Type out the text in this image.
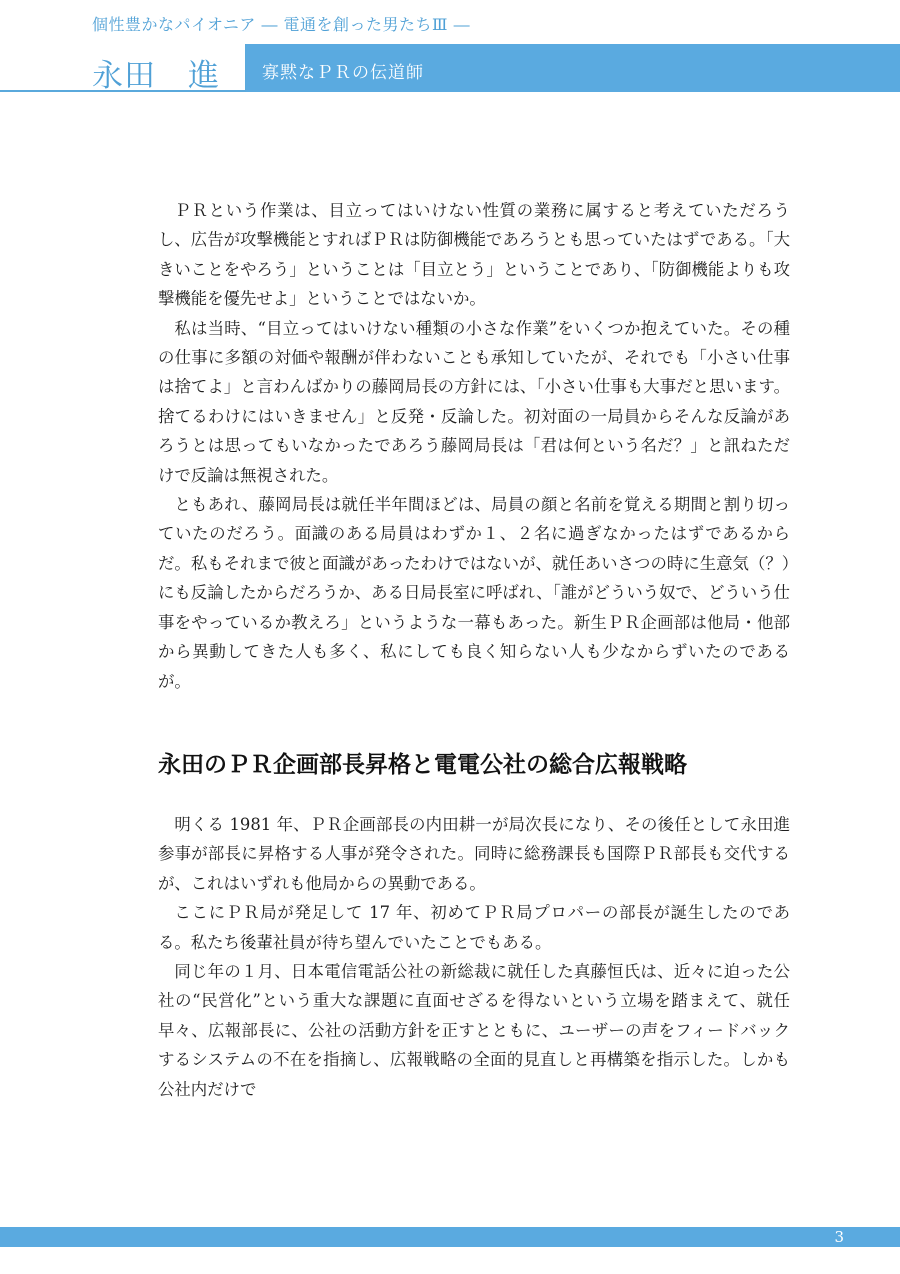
個性豊かなパイオニア ― 電通を創った男たちⅢ ―
永田　進 寡黙なＰＲの伝道師

ＰＲという作業は、目立ってはいけない性質の業務に属すると考えていただろうし、広告が攻撃機能とすればＰＲは防御機能であろうとも思っていたはずである。「大きいことをやろう」ということは「目立とう」ということであり、「防御機能よりも攻撃機能を優先せよ」ということではないか。

私は当時、“目立ってはいけない種類の小さな作業”をいくつか抱えていた。その種の仕事に多額の対価や報酬が伴わないことも承知していたが、それでも「小さい仕事は捨てよ」と言わんばかりの藤岡局長の方針には、「小さい仕事も大事だと思います。捨てるわけにはいきません」と反発・反論した。初対面の一局員からそんな反論があろうとは思ってもいなかったであろう藤岡局長は「君は何という名だ？」と訊ねただけで反論は無視された。

ともあれ、藤岡局長は就任半年間ほどは、局員の顔と名前を覚える期間と割り切っていたのだろう。面識のある局員はわずか１、２名に過ぎなかったはずであるからだ。私もそれまで彼と面識があったわけではないが、就任あいさつの時に生意気（？）にも反論したからだろうか、ある日局長室に呼ばれ、「誰がどういう奴で、どういう仕事をやっているか教えろ」というような一幕もあった。新生ＰＲ企画部は他局・他部から異動してきた人も多く、私にしても良く知らない人も少なからずいたのであるが。

永田のＰＲ企画部長昇格と電電公社の総合広報戦略

明くる 1981 年、ＰＲ企画部長の内田耕一が局次長になり、その後任として永田進参事が部長に昇格する人事が発令された。同時に総務課長も国際ＰＲ部長も交代するが、これはいずれも他局からの異動である。

ここにＰＲ局が発足して 17 年、初めてＰＲ局プロパーの部長が誕生したのである。私たち後輩社員が待ち望んでいたことでもある。

同じ年の１月、日本電信電話公社の新総裁に就任した真藤恒氏は、近々に迫った公社の“民営化”という重大な課題に直面せざるを得ないという立場を踏まえて、就任早々、広報部長に、公社の活動方針を正すとともに、ユーザーの声をフィードバックするシステムの不在を指摘し、広報戦略の全面的見直しと再構築を指示した。しかも公社内だけで

3
